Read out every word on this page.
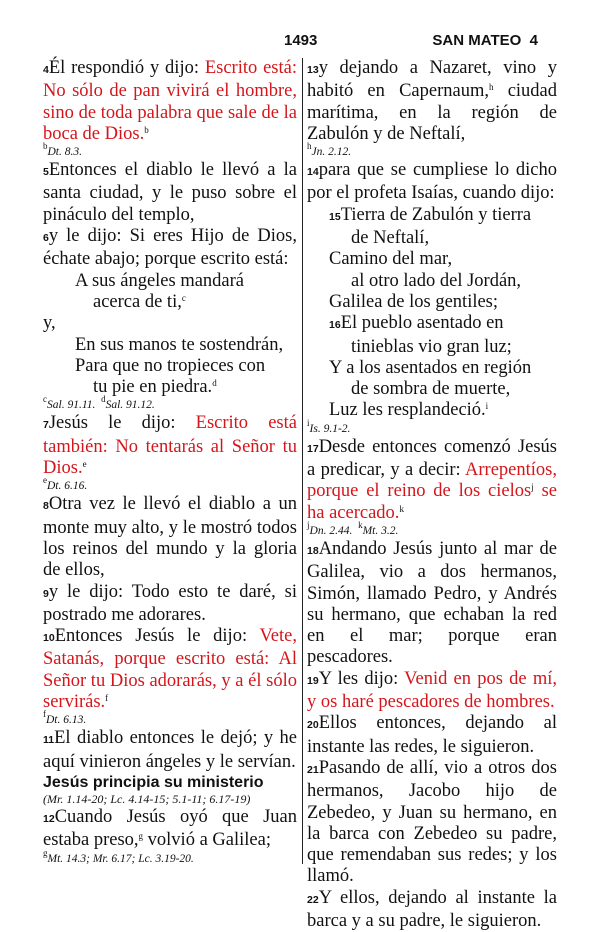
1493	SAN MATEO 4

4Él respondió y dijo: Escrito está: No sólo de pan vivirá el hombre, sino de toda palabra que sale de la boca de Dios.$^b$

$^b$Dt. 8.3.

5Entonces el diablo le llevó a la santa ciudad, y le puso sobre el pináculo del templo,

6y le dijo: Si eres Hijo de Dios, échate abajo; porque escrito está:

A sus ángeles mandará

acerca de ti,$^c$

y,

En sus manos te sostendrán,

Para que no tropieces con

tu pie en piedra.$^d$

$^c$Sal. 91.11. $^d$Sal. 91.12.

7Jesús le dijo: Escrito está también: No tentarás al Señor tu Dios.$^e$

$^e$Dt. 6.16.

8Otra vez le llevó el diablo a un monte muy alto, y le mostró todos los reinos del mundo y la gloria de ellos,

9y le dijo: Todo esto te daré, si postrado me adorares.

10Entonces Jesús le dijo: Vete, Satanás, porque escrito está: Al Señor tu Dios adorarás, y a él sólo servirás.$^f$

$^f$Dt. 6.13.

11El diablo entonces le dejó; y he aquí vinieron ángeles y le servían.

Jesús principia su ministerio

(Mr. 1.14-20; Lc. 4.14-15; 5.1-11; 6.17-19)

12Cuando Jesús oyó que Juan estaba preso,$^g$ volvió a Galilea;

$^g$Mt. 14.3; Mr. 6.17; Lc. 3.19-20.

13y dejando a Nazaret, vino y habitó en Capernaum,$^h$ ciudad marítima, en la región de Zabulón y de Neftalí,

$^h$Jn. 2.12.

14para que se cumpliese lo dicho por el profeta Isaías, cuando dijo:

15Tierra de Zabulón y tierra

de Neftalí,

Camino del mar,

al otro lado del Jordán,

Galilea de los gentiles;

16El pueblo asentado en

tinieblas vio gran luz;

Y a los asentados en región

de sombra de muerte,

Luz les resplandeció.$^i$

$^i$Is. 9.1-2.

17Desde entonces comenzó Jesús a predicar, y a decir: Arrepentíos, porque el reino de los cielos$^j$ se ha acercado.$^k$

$^j$Dn. 2.44. $^k$Mt. 3.2.

18Andando Jesús junto al mar de Galilea, vio a dos hermanos, Simón, llamado Pedro, y Andrés su hermano, que echaban la red en el mar; porque eran pescadores.

19Y les dijo: Venid en pos de mí, y os haré pescadores de hombres.

20Ellos entonces, dejando al instante las redes, le siguieron.

21Pasando de allí, vio a otros dos hermanos, Jacobo hijo de Zebedeo, y Juan su hermano, en la barca con Zebedeo su padre, que remendaban sus redes; y los llamó.

22Y ellos, dejando al instante la barca y a su padre, le siguieron.
